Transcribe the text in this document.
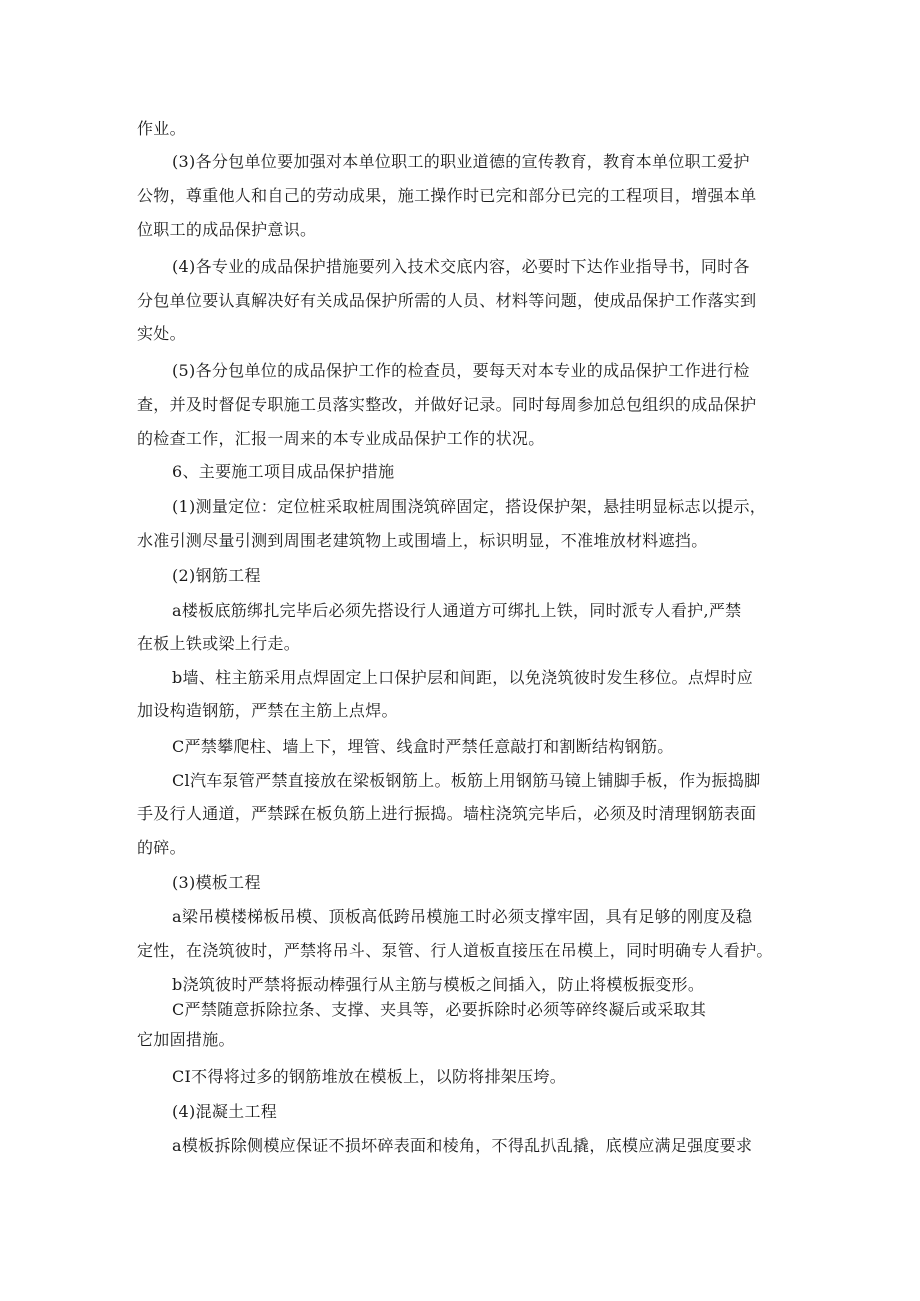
作业。
(3)各分包单位要加强对本单位职工的职业道德的宣传教育，教育本单位职工爱护
公物，尊重他人和自己的劳动成果，施工操作时已完和部分已完的工程项目，增强本单
位职工的成品保护意识。
(4)各专业的成品保护措施要列入技术交底内容，必要时下达作业指导书，同时各
分包单位要认真解决好有关成品保护所需的人员、材料等问题，使成品保护工作落实到
实处。
(5)各分包单位的成品保护工作的检查员，要每天对本专业的成品保护工作进行检
查，并及时督促专职施工员落实整改，并做好记录。同时每周参加总包组织的成品保护
的检查工作，汇报一周来的本专业成品保护工作的状况。
6、主要施工项目成品保护措施
(1)测量定位：定位桩采取桩周围浇筑碎固定，搭设保护架，悬挂明显标志以提示，
水准引测尽量引测到周围老建筑物上或围墙上，标识明显，不准堆放材料遮挡。
(2)钢筋工程
a楼板底筋绑扎完毕后必须先搭设行人通道方可绑扎上铁，同时派专人看护,严禁
在板上铁或梁上行走。
b墙、柱主筋采用点焊固定上口保护层和间距，以免浇筑彼时发生移位。点焊时应
加设构造钢筋，严禁在主筋上点焊。
C严禁攀爬柱、墙上下，埋管、线盒时严禁任意敲打和割断结构钢筋。
Cl汽车泵管严禁直接放在梁板钢筋上。板筋上用钢筋马镜上铺脚手板，作为振捣脚
手及行人通道，严禁踩在板负筋上进行振捣。墙柱浇筑完毕后，必须及时清理钢筋表面
的碎。
(3)模板工程
a梁吊模楼梯板吊模、顶板高低跨吊模施工时必须支撑牢固，具有足够的刚度及稳
定性，在浇筑彼时，严禁将吊斗、泵管、行人道板直接压在吊模上，同时明确专人看护。
b浇筑彼时严禁将振动棒强行从主筋与模板之间插入，防止将模板振变形。
C严禁随意拆除拉条、支撑、夹具等，必要拆除时必须等碎终凝后或采取其
它加固措施。
CI不得将过多的钢筋堆放在模板上，以防将排架压垮。
(4)混凝土工程
a模板拆除侧模应保证不损坏碎表面和棱角，不得乱扒乱撬，底模应满足强度要求
